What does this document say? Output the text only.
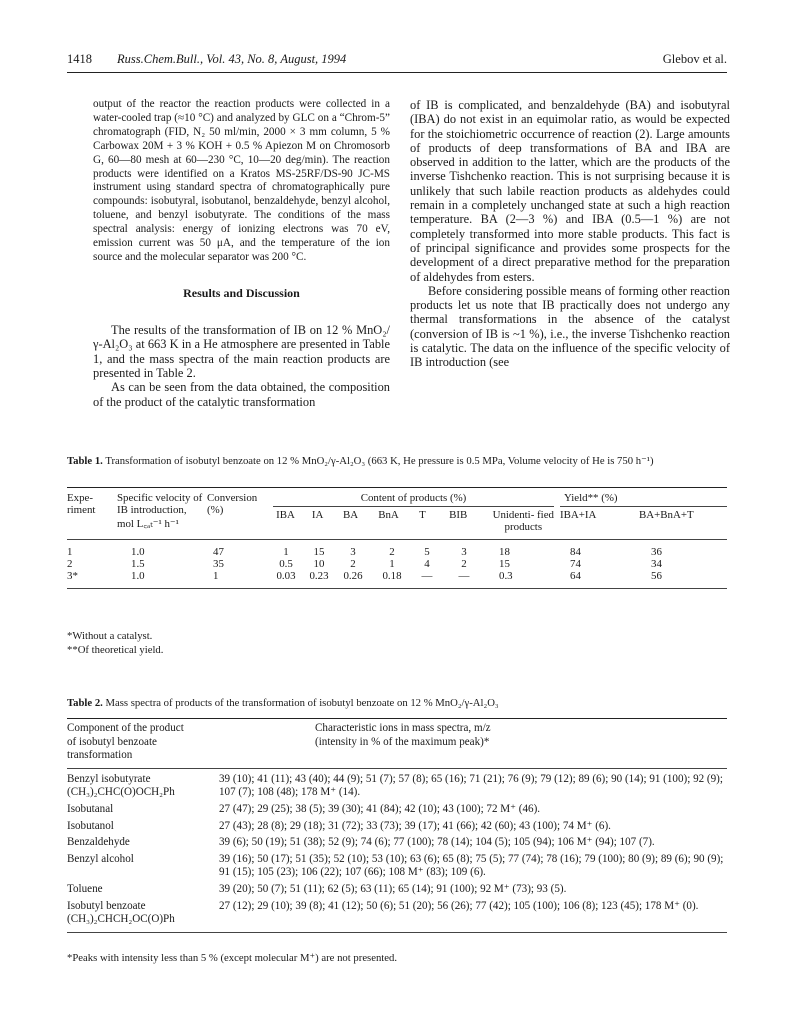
1418 Russ.Chem.Bull., Vol. 43, No. 8, August, 1994	Glebov et al.

output of the reactor the reaction products were collected in a water-cooled trap (≈10 °C) and analyzed by GLC on a “Chrom-5” chromatograph (FID, N₂ 50 ml/min, 2000 × 3 mm column, 5 % Carbowax 20M + 3 % KOH + 0.5 % Apiezon M on Chromosorb G, 60—80 mesh at 60—230 °C, 10—20 deg/min). The reaction products were identified on a Kratos MS-25RF/DS-90 JC-MS instrument using standard spectra of chromatographically pure compounds: isobutyral, isobutanol, benzaldehyde, benzyl alcohol, toluene, and benzyl isobutyrate. The conditions of the mass spectral analysis: energy of ionizing electrons was 70 eV, emission current was 50 μA, and the temperature of the ion source and the molecular separator was 200 °C.

Results and Discussion

The results of the transformation of IB on 12 % MnO₂/γ-Al₂O₃ at 663 K in a He atmosphere are presented in Table 1, and the mass spectra of the main reaction products are presented in Table 2.

As can be seen from the data obtained, the composition of the product of the catalytic transformation

of IB is complicated, and benzaldehyde (BA) and isobutyral (IBA) do not exist in an equimolar ratio, as would be expected for the stoichiometric occurrence of reaction (2). Large amounts of products of deep transformations of BA and IBA are observed in addition to the latter, which are the products of the inverse Tishchenko reaction. This is not surprising because it is unlikely that such labile reaction products as aldehydes could remain in a completely unchanged state at such a high reaction temperature. BA (2—3 %) and IBA (0.5—1 %) are not completely transformed into more stable products. This fact is of principal significance and provides some prospects for the development of a direct preparative method for the preparation of aldehydes from esters.

Before considering possible means of forming other reaction products let us note that IB practically does not undergo any thermal transformations in the absence of the catalyst (conversion of IB is ~1 %), i.e., the inverse Tishchenko reaction is catalytic. The data on the influence of the specific velocity of IB introduction (see

Table 1. Transformation of isobutyl benzoate on 12 % MnO₂/γ-Al₂O₃ (663 K, He pressure is 0.5 MPa, Volume velocity of He is 750 h⁻¹)
Expe- riment	Specific velocity of IB introduction, mol L꜀ₐₜ⁻¹ h⁻¹	Conversion (%)	Content of products (%)
IBA	IA	BA	BnA	T	BIB	Unidenti- fied products
	Yield** (%)
IBA+IA	BA+BnA+T

1	1.0	47	1	15	3	2	5	3	18	84	36
2	1.5	35	0.5	10	2	1	4	2	15	74	34
3*	1.0	1	0.03	0.23	0.26	0.18	—	—	0.3	64	56

*Without a catalyst.
**Of theoretical yield.
Table 2. Mass spectra of products of the transformation of isobutyl benzoate on 12 % MnO₂/γ-Al₂O₃
Component of the product of isobutyl benzoate transformation	Characteristic ions in mass spectra, m/z (intensity in % of the maximum peak)*

Benzyl isobutyrate
(CH₃)₂CHC(O)OCH₂Ph	39 (10); 41 (11); 43 (40); 44 (9); 51 (7); 57 (8); 65 (16); 71 (21); 76 (9); 79 (12); 89 (6); 90 (14); 91 (100); 92 (9); 107 (7); 108 (48); 178 M⁺ (14).

Isobutanal	27 (47); 29 (25); 38 (5); 39 (30); 41 (84); 42 (10); 43 (100); 72 M⁺ (46).

Isobutanol	27 (43); 28 (8); 29 (18); 31 (72); 33 (73); 39 (17); 41 (66); 42 (60); 43 (100); 74 M⁺ (6).

Benzaldehyde	39 (6); 50 (19); 51 (38); 52 (9); 74 (6); 77 (100); 78 (14); 104 (5); 105 (94); 106 M⁺ (94); 107 (7).

Benzyl alcohol	39 (16); 50 (17); 51 (35); 52 (10); 53 (10); 63 (6); 65 (8); 75 (5); 77 (74); 78 (16); 79 (100); 80 (9); 89 (6); 90 (9); 91 (15); 105 (23); 106 (22); 107 (66); 108 M⁺ (83); 109 (6).

Toluene	39 (20); 50 (7); 51 (11); 62 (5); 63 (11); 65 (14); 91 (100); 92 M⁺ (73); 93 (5).

Isobutyl benzoate
(CH₃)₂CHCH₂OC(O)Ph	27 (12); 29 (10); 39 (8); 41 (12); 50 (6); 51 (20); 56 (26); 77 (42); 105 (100); 106 (8); 123 (45); 178 M⁺ (0).

*Peaks with intensity less than 5 % (except molecular M⁺) are not presented.
